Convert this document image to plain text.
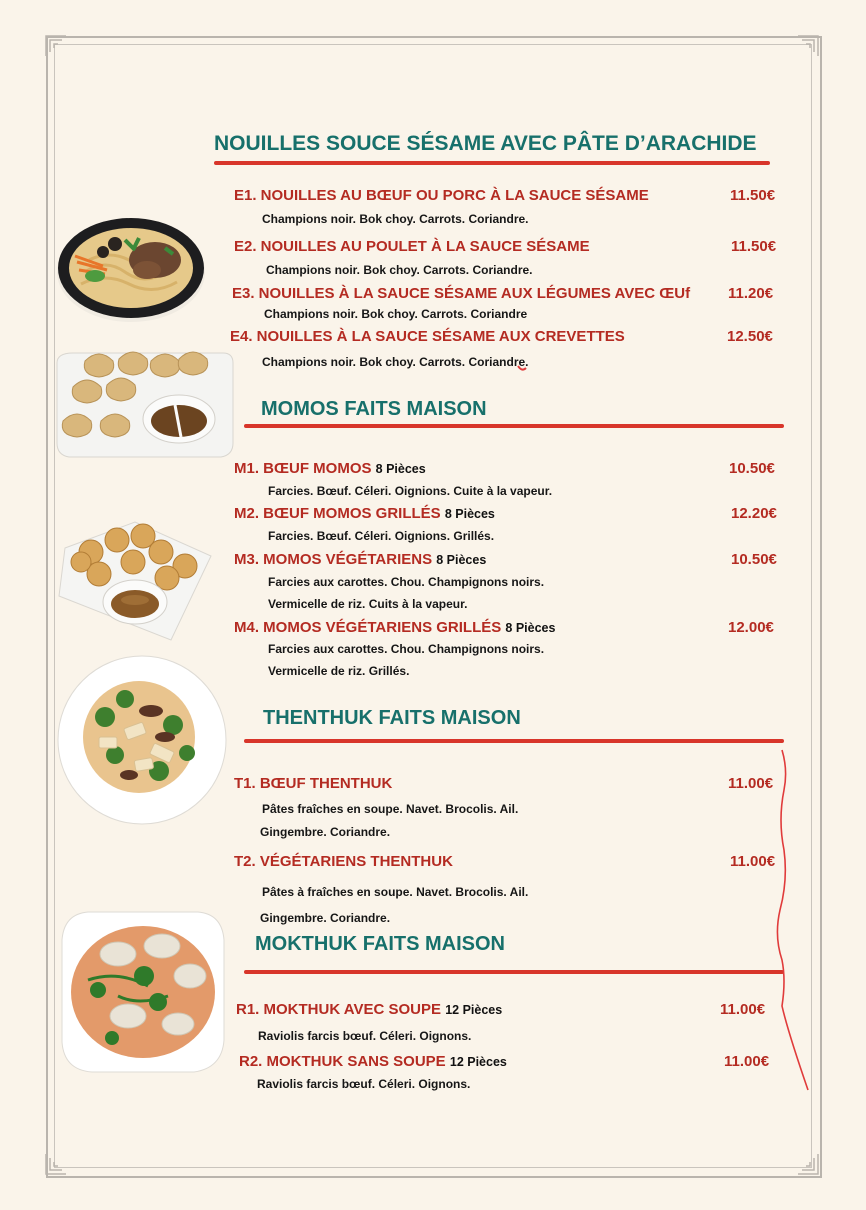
NOUILLES SOUCE SÉSAME AVEC PÂTE D’ARACHIDE
E1. NOUILLES AU BŒUF OU PORC À LA SAUCE SÉSAME	11.50€
Champions noir. Bok choy. Carrots. Coriandre.
E2. NOUILLES AU POULET À LA SAUCE SÉSAME	11.50€
Champions noir. Bok choy. Carrots. Coriandre.
E3. NOUILLES À LA SAUCE SÉSAME AUX LÉGUMES AVEC ŒUf	11.20€
Champions noir. Bok choy. Carrots. Coriandre
E4. NOUILLES À LA SAUCE SÉSAME AUX CREVETTES	12.50€
Champions noir. Bok choy. Carrots. Coriandre.
MOMOS FAITS MAISON
M1. BŒUF MOMOS 8 Pièces	10.50€
Farcies. Bœuf. Céleri. Oignions. Cuite à la vapeur.
M2. BŒUF MOMOS GRILLÉS 8 Pièces	12.20€
Farcies. Bœuf. Céleri. Oignions. Grillés.
M3. MOMOS VÉGÉTARIENS 8 Pièces	10.50€
Farcies aux carottes. Chou. Champignons noirs.
Vermicelle de riz. Cuits à la vapeur.
M4. MOMOS VÉGÉTARIENS GRILLÉS 8 Pièces	12.00€
Farcies aux carottes. Chou. Champignons noirs.
Vermicelle de riz. Grillés.
THENTHUK FAITS MAISON
T1. BŒUF THENTHUK	11.00€
Pâtes fraîches en soupe. Navet. Brocolis. Ail.
Gingembre. Coriandre.
T2. VÉGÉTARIENS THENTHUK	11.00€
Pâtes à fraîches en soupe. Navet. Brocolis. Ail.
Gingembre. Coriandre.
MOKTHUK FAITS MAISON
R1. MOKTHUK AVEC SOUPE 12 Pièces	11.00€
Raviolis farcis bœuf. Céleri. Oignons.
R2. MOKTHUK SANS SOUPE 12 Pièces	11.00€
Raviolis farcis bœuf. Céleri. Oignons.
